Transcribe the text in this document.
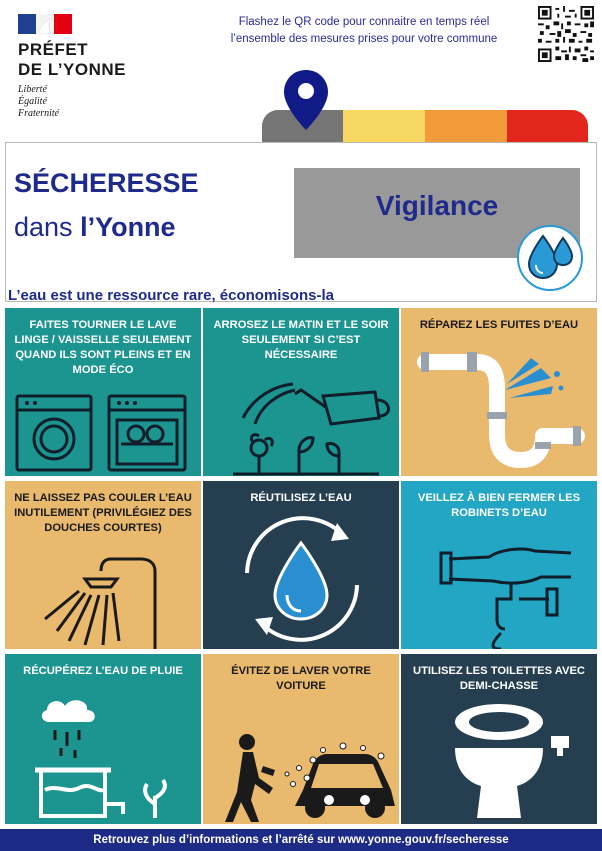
PRÉFET
DE L’YONNE
Liberté
Égalité
Fraternité
Flashez le QR code pour connaitre en temps réel
l’ensemble des mesures prises pour votre commune
SÉCHERESSE
dans l’Yonne
Vigilance
L’eau est une ressource rare, économisons-la
FAITES TOURNER LE LAVE LINGE / VAISSELLE SEULEMENT QUAND ILS SONT PLEINS ET EN MODE ÉCO
ARROSEZ LE MATIN ET LE SOIR SEULEMENT SI C’EST NÉCESSAIRE
RÉPAREZ LES FUITES D’EAU
NE LAISSEZ PAS COULER L’EAU INUTILEMENT (PRIVILÉGIEZ DES DOUCHES COURTES)
RÉUTILISEZ L’EAU	VEILLEZ À BIEN FERMER LES ROBINETS D’EAU
RÉCUPÉREZ L’EAU DE PLUIE	ÉVITEZ DE LAVER VOTRE VOITURE
UTILISEZ LES TOILETTES AVEC DEMI-CHASSE
Retrouvez plus d’informations et l’arrêté sur www.yonne.gouv.fr/secheresse
